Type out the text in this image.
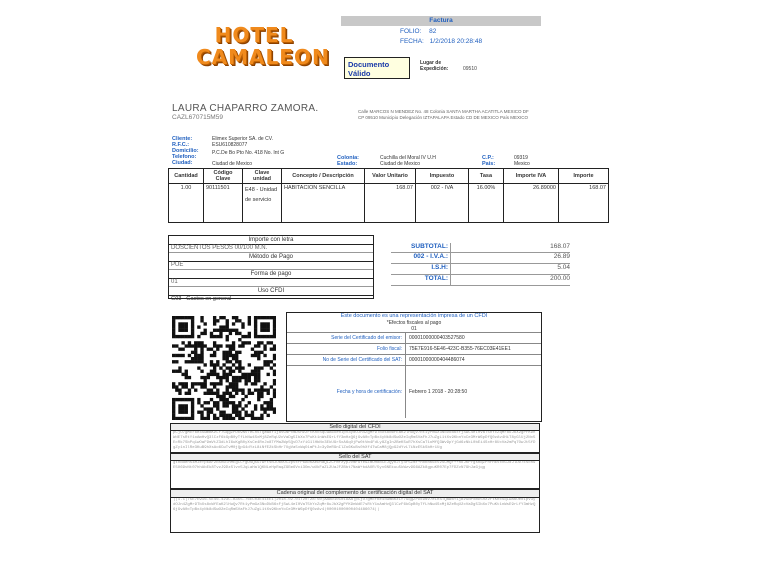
HOTEL
CAMALEON
Factura
FOLIO: 82
FECHA: 1/2/2018 20:28:48
Documento
Válido
Lugar de Expedición:	09510
LAURA CHAPARRO ZAMORA.
CAZL670715M59
Calle MARCOS N MENDEZ No. 48 Colonia SANTA MARTHA ACATITLA MEXICO DF CP 09510 Municipio Delegación IZTAPALAPA Estado CD DE MEXICO País MEXICO
Cliente:	Elimex Superior SA. de CV.
R.F.C.:	ESU610828077
Domicilio:	P.C.De Bo Pto No. 418 No. Int G
Telefono:
Ciudad:	Ciudad de Mexico
Colonia:	Cuchilla del Moral IV U.H
Estado:	Ciudad de Mexico
C.P.:	09319
Pais:	Mexico
Cantidad	Código Clave	Clave unidad	Concepto / Descripción	Valor Unitario	Impuesto	Tasa	Importe IVA	Importe
1.00	90111501	E48 - Unidad de servicio	HABITACION SENCILLA	168.07	002 - IVA	16.00%	26.89000	168.07
Importe con letra
DOSCIENTOS PESOS 00/100 M.N.
Método de Pago
PUE
Forma de pago
01
Uso CFDI
G03 - Gastos en general
SUBTOTAL:	168.07
002 - I.V.A.:	26.89
I.S.H:	5.04
TOTAL:	200.00
Este documento es una representación impresa de un CFDI
*Efectos fiscales al pago
01
Serie del Certificado del emisor:	00001000000403527580
Folio fiscal:	75E7E916-5E46-423C-B355-76EC03E41EE1
No de Serie del Certificado del SAT:	00001000000404486074
Fecha y hora de certificación:	Febrero 1 2018 - 20:28:50
Sello digital del CFDI
pCjO7gMcrbe4SwmBKzLf7GqgZPDk9Nv7eLhSTQaW8Y1jBVGNPxmD5Hz2FtKRcSqLwA6Ue0IpV3ydOJn4ZgMr9TbXs8cWfEaK2lHuQv7Rt1yPmGz3NoDkB6xFjSwL4eI0VaT5hYcZqMr8uJbX2gPfK9nWdE7sRtY1oAmHvQ3lCzF6kGpB0yTfLhNw4SxMj8ZeRqU2cVaDg5IbXo7PuKt1nWsE9rLfY3mHzQ6jGvA0cTpBx4yNk8dSwO2eIqRm5VaFhJ7uZgL1tXs9KbnYoCe3MrW6pDfQ0zAv4HiT8yGlUj2Nx5EcRk7SbPq1wOaF9mVtZ3dLhI6uKgB0yXsCe4RnJo8TfMa2Wp5QvD7zYiG1lHbNc3EkU9rSxA6qOjPw0tVm4FdLy8ZgIn2BeK5uR7hXsCaT1oMfQ3Wv9pYjGd6zNkL0bEi4SxHr8UcVa2mPq7OwJt5fDgZy1nIlRe3KuB9hXsAo6CwTvM0jQpG4dYzL8iNfE2kSbHr7UgVa5xWqO1mPtJc3yDeR9nIlZo6KuBs0hXf4TwCaM8jQpG2dYvL7iNzE5kSbHr1Ug
Sello del SAT
gt0Ndehs4MJeYpkAF2b5hwlnMEgCC+gOSQ5G7wrtsNJU6OOC2pvxfP6A0KAeDhaQLZCfmfzypJvmF9Ye9ZmOH8bCEJQyRJTy4F5Zmf+h0RRK6cv2SCMQF++RkJKPYgsRqZPnFHkVxxGJdJlDD7EscR9E5O69vNt07hhAbEk8TvzJ9DzSlvv5JqLaHalQKNLeHpRaqZ9Em6Vci3Om/wUkFaZL2UaJF2Bbt7NaW+bdAOR/5yv6NEkuu5kWzv9G6AZk8gpuKR07Ep7FDZvN79hJaGjqg
Cadena original del complemento de certificación digital del SAT
||1.1|75E7E916-5E46-423C-B355-76EC03E41EE1|2018-02-01T20:28:50|AAA010101AAA|pCjO7gMcrbe4SwmBKzLf7GqgZPDk9Nv7eLhSTQaW8Y1jBVGNPxmD5Hz2FtKRcSqLwA6Ue0IpV3ydOJn4ZgMr9TbXs8cWfEaK2lHuQv7Rt1yPmGz3NoDkB6xFjSwL4eI0VaT5hYcZqMr8uJbX2gPfK9nWdE7sRtY1oAmHvQ3lCzF6kGpB0yTfLhNw4SxMj8ZeRqU2cVaDg5IbXo7PuKt1nWsE9rLfY3mHzQ6jGvA0cTpBx4yNk8dSwO2eIqRm5VaFhJ7uZgL1tXs9KbnYoCe3MrW6pDfQ0zAv4|00001000000404486074||
